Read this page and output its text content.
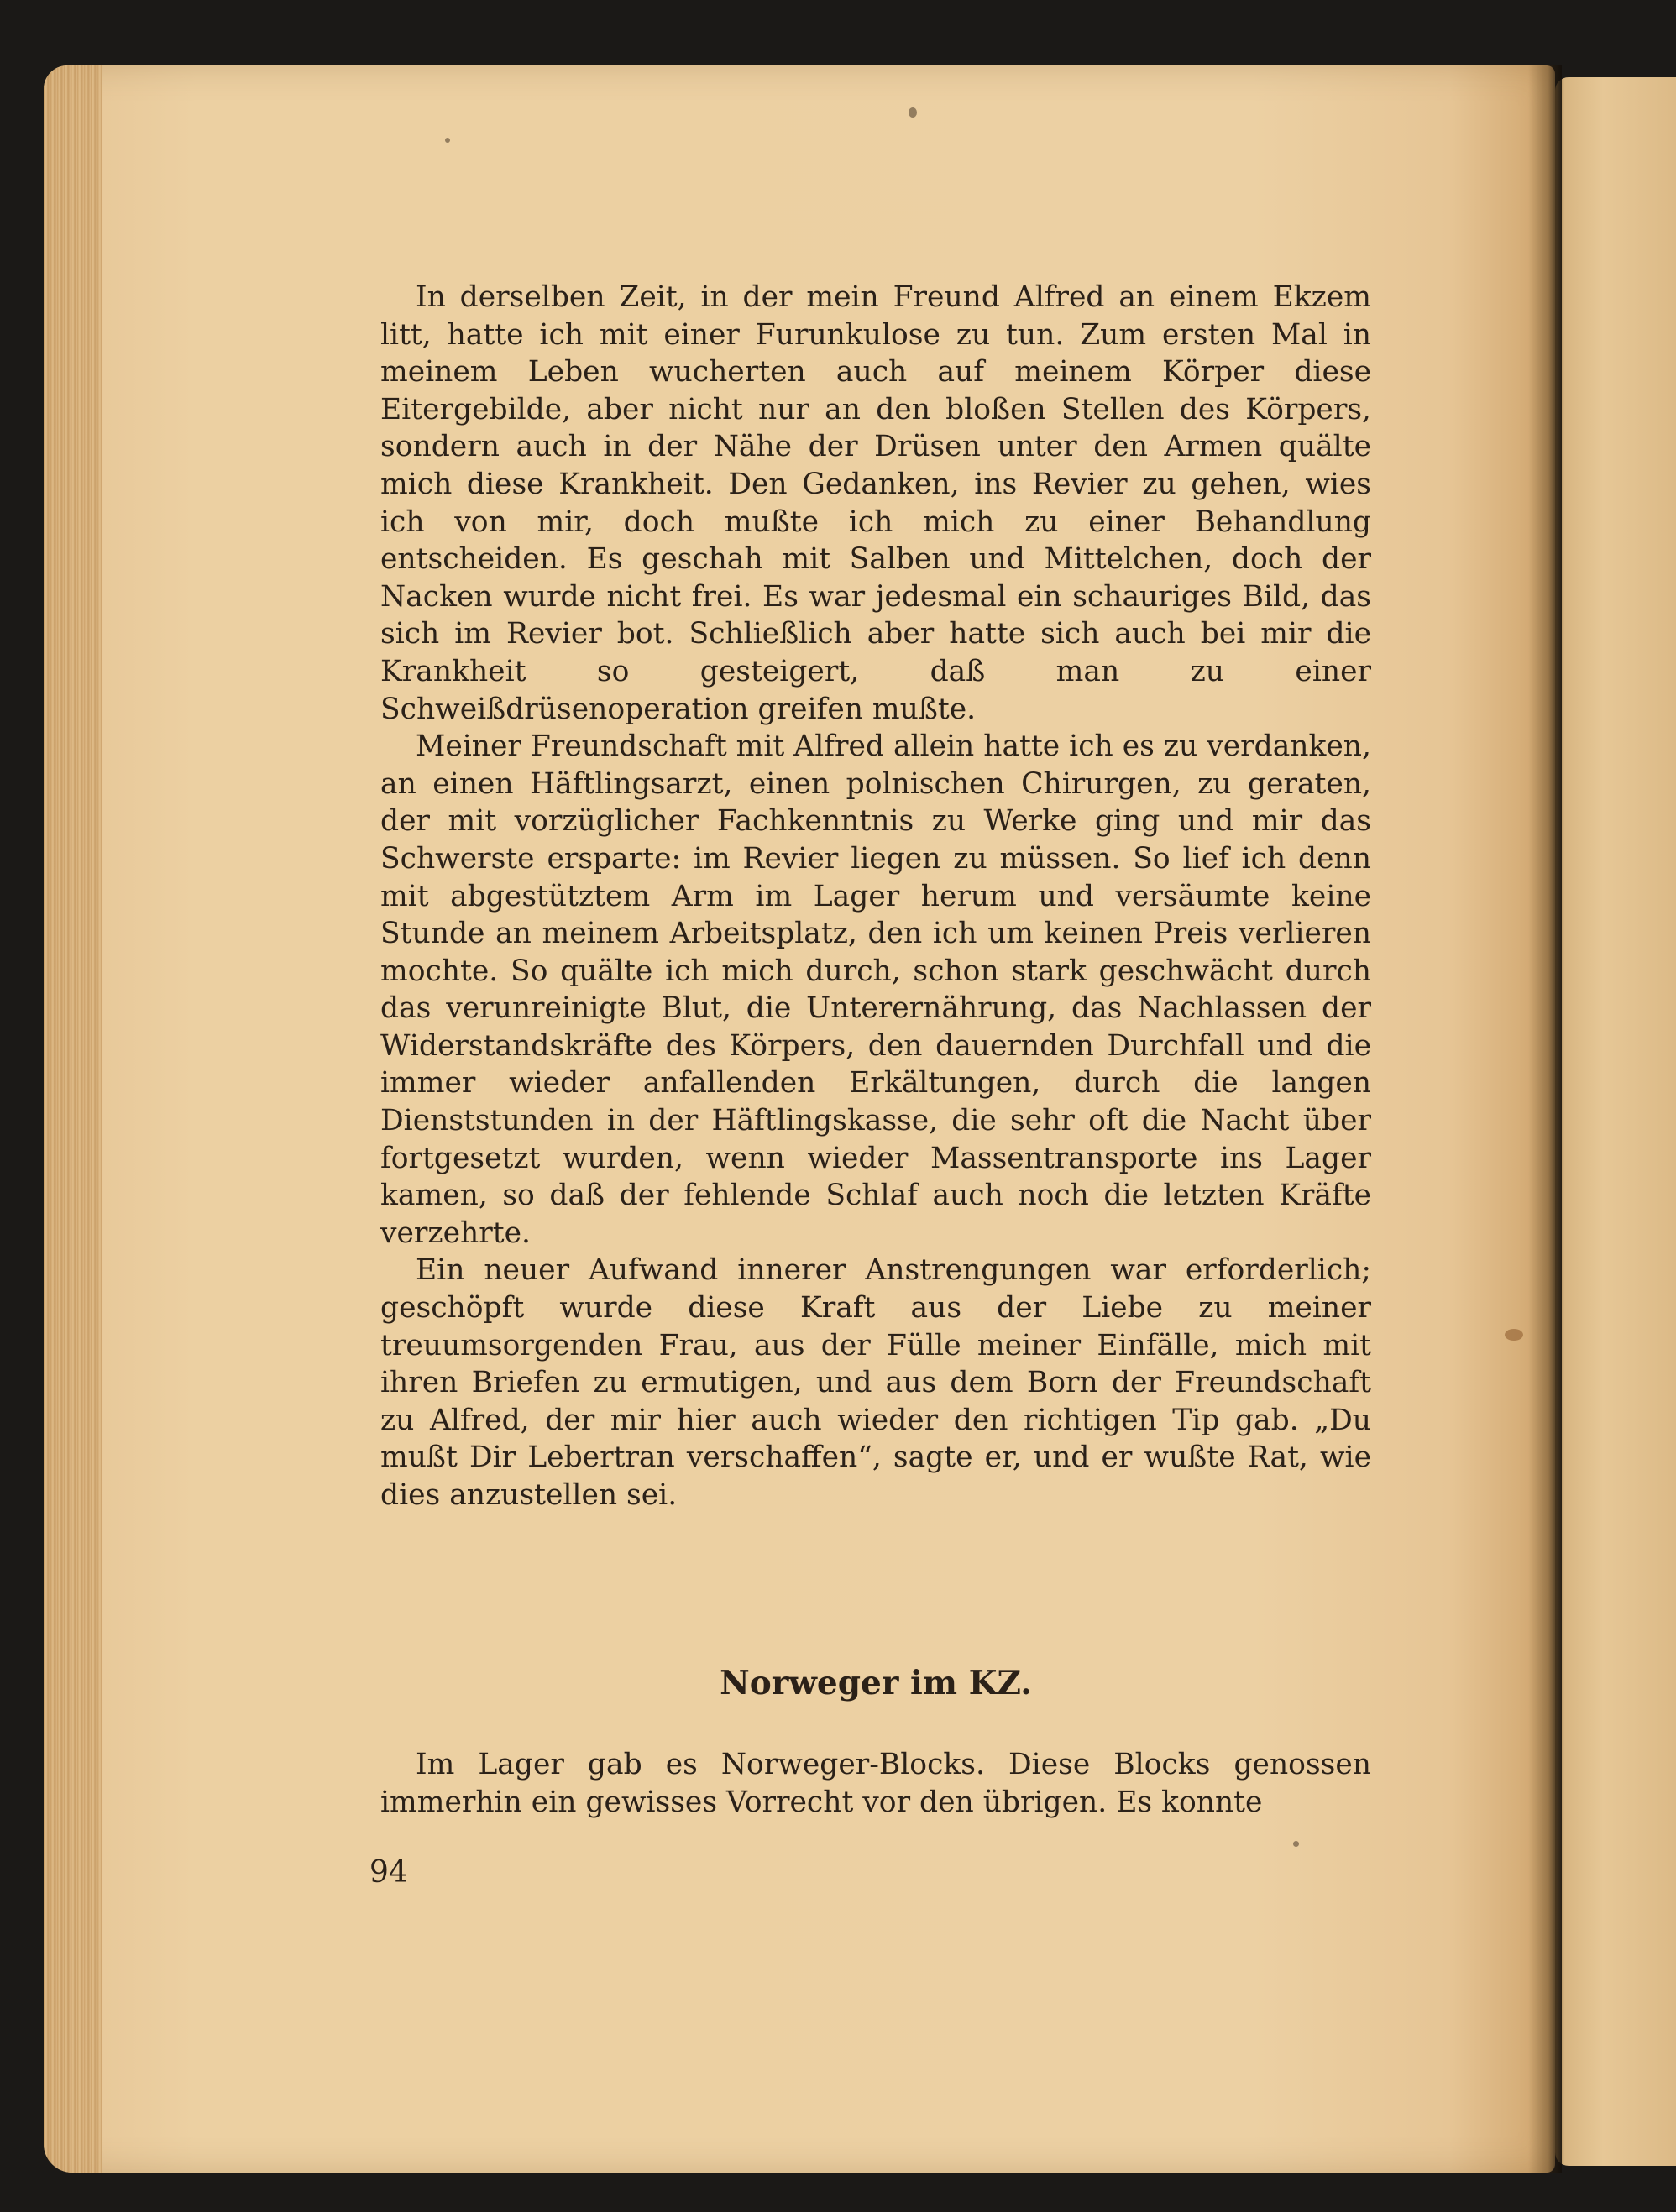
In derselben Zeit, in der mein Freund Alfred an einem Ekzem litt, hatte ich mit einer Furunkulose zu tun. Zum ersten Mal in meinem Leben wucherten auch auf meinem Körper diese Eitergebilde, aber nicht nur an den bloßen Stellen des Körpers, sondern auch in der Nähe der Drüsen unter den Armen quälte mich diese Krankheit. Den Gedanken, ins Revier zu gehen, wies ich von mir, doch mußte ich mich zu einer Behandlung entscheiden. Es geschah mit Salben und Mittelchen, doch der Nacken wurde nicht frei. Es war jedesmal ein schauriges Bild, das sich im Revier bot. Schließlich aber hatte sich auch bei mir die Krankheit so gesteigert, daß man zu einer Schweißdrüsenoperation greifen mußte.

Meiner Freundschaft mit Alfred allein hatte ich es zu verdanken, an einen Häftlingsarzt, einen polnischen Chirurgen, zu geraten, der mit vorzüglicher Fachkenntnis zu Werke ging und mir das Schwerste ersparte: im Revier liegen zu müssen. So lief ich denn mit abgestütztem Arm im Lager herum und versäumte keine Stunde an meinem Arbeitsplatz, den ich um keinen Preis verlieren mochte. So quälte ich mich durch, schon stark geschwächt durch das verunreinigte Blut, die Unterernährung, das Nachlassen der Widerstandskräfte des Körpers, den dauernden Durchfall und die immer wieder anfallenden Erkältungen, durch die langen Dienststunden in der Häftlingskasse, die sehr oft die Nacht über fortgesetzt wurden, wenn wieder Massentransporte ins Lager kamen, so daß der fehlende Schlaf auch noch die letzten Kräfte verzehrte.

Ein neuer Aufwand innerer Anstrengungen war erforderlich; geschöpft wurde diese Kraft aus der Liebe zu meiner treuumsorgenden Frau, aus der Fülle meiner Einfälle, mich mit ihren Briefen zu ermutigen, und aus dem Born der Freundschaft zu Alfred, der mir hier auch wieder den richtigen Tip gab. „Du mußt Dir Lebertran verschaffen“, sagte er, und er wußte Rat, wie dies anzustellen sei.

Norweger im KZ.

Im Lager gab es Norweger-Blocks. Diese Blocks genossen immerhin ein gewisses Vorrecht vor den übrigen. Es konnte

94
